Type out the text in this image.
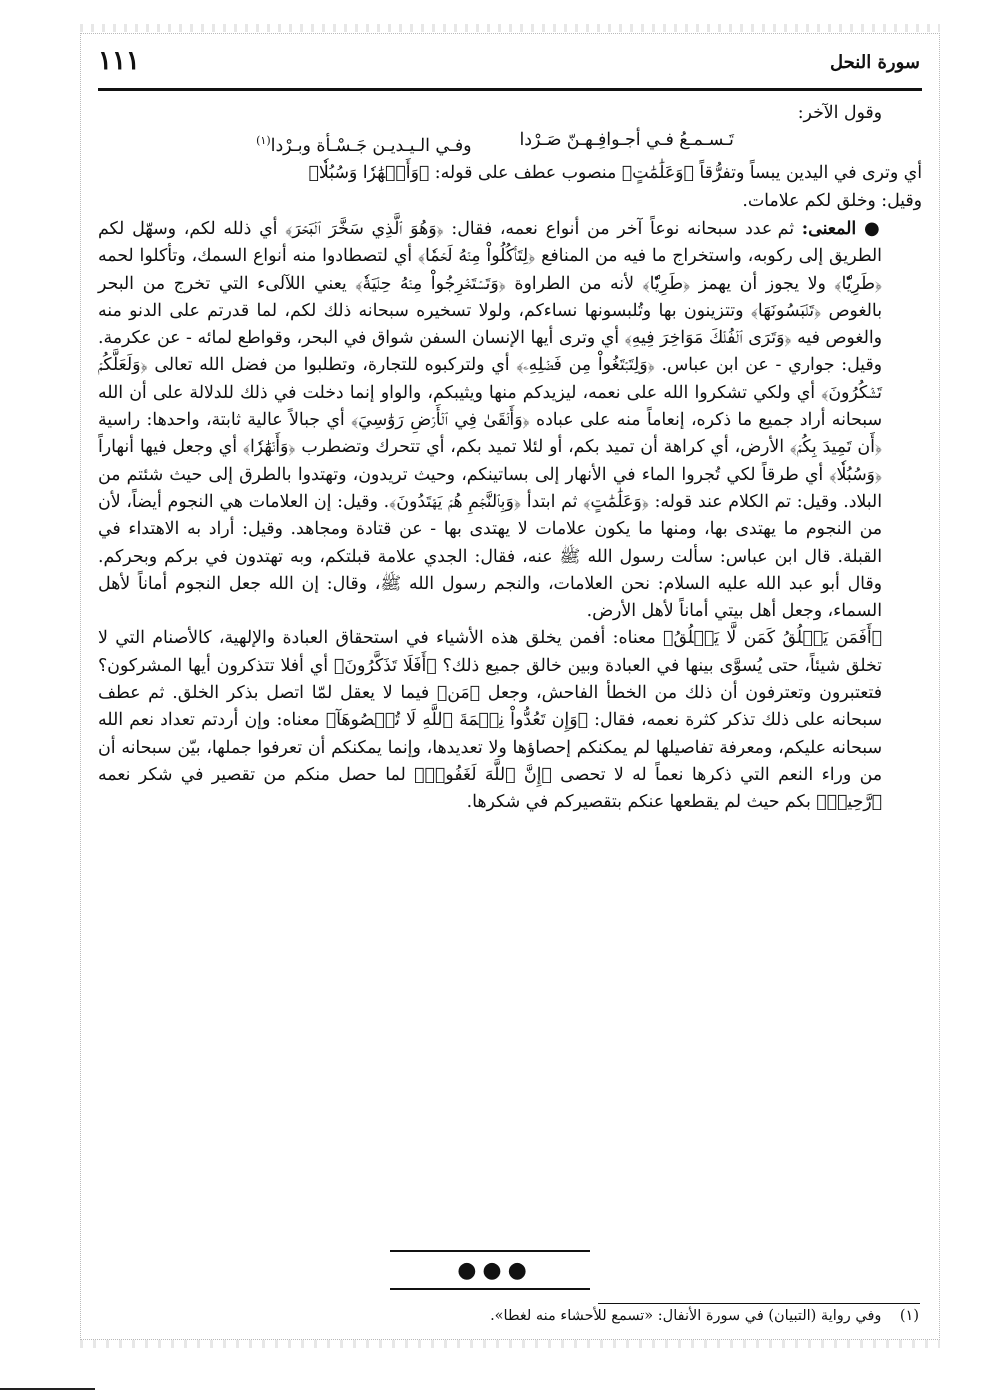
١١١	سورة النحل

وقول الآخر:

تَـسـمـعُ فـي أجـوافِـهـنّ صَـرْدا
وفـي الـيـديـن جَـسْـأة وبـرْدا$^{(١)}$

أي وترى في اليدين يبساً وتفرُّقاً ﴿وَعَلَٰمَٰتٍ﴾ منصوب عطف على قوله: ﴿وَأَنۡهَٰرٗا وَسُبُلٗا﴾

وقيل: وخلق لكم علامات.

● المعنى: ثم عدد سبحانه نوعاً آخر من أنواع نعمه، فقال: ﴿وَهُوَ ٱلَّذِي سَخَّرَ ٱلۡبَحۡرَ﴾ أي ذلله لكم، وسهّل لكم الطريق إلى ركوبه، واستخراج ما فيه من المنافع ﴿لِتَأۡكُلُواْ مِنۡهُ لَحۡمٗا﴾ أي لتصطادوا منه أنواع السمك، وتأكلوا لحمه ﴿طَرِيّٗا﴾ ولا يجوز أن يهمز ﴿طَرِيّٗا﴾ لأنه من الطراوة ﴿وَتَسۡتَخۡرِجُواْ مِنۡهُ حِلۡيَةٗ﴾ يعني اللآلىء التي تخرج من البحر بالغوص ﴿تَلۡبَسُونَهَا﴾ وتتزينون بها وتُلبسونها نساءكم، ولولا تسخيره سبحانه ذلك لكم، لما قدرتم على الدنو منه والغوص فيه ﴿وَتَرَى ٱلۡفُلۡكَ مَوَاخِرَ فِيهِ﴾ أي وترى أيها الإنسان السفن شواق في البحر، وقواطع لمائه - عن عكرمة. وقيل: جواري - عن ابن عباس. ﴿وَلِتَبۡتَغُواْ مِن فَضۡلِهِۦ﴾ أي ولتركبوه للتجارة، وتطلبوا من فضل الله تعالى ﴿وَلَعَلَّكُمۡ تَشۡكُرُونَ﴾ أي ولكي تشكروا الله على نعمه، ليزيدكم منها ويثيبكم، والواو إنما دخلت في ذلك للدلالة على أن الله سبحانه أراد جميع ما ذكره، إنعاماً منه على عباده ﴿وَأَلۡقَىٰ فِي ٱلۡأَرۡضِ رَوَٰسِيَ﴾ أي جبالاً عالية ثابتة، واحدها: راسية ﴿أَن تَمِيدَ بِكُمۡ﴾ الأرض، أي كراهة أن تميد بكم، أو لئلا تميد بكم، أي تتحرك وتضطرب ﴿وَأَنۡهَٰرٗا﴾ أي وجعل فيها أنهاراً ﴿وَسُبُلٗا﴾ أي طرقاً لكي تُجروا الماء في الأنهار إلى بساتينكم، وحيث تريدون، وتهتدوا بالطرق إلى حيث شئتم من البلاد. وقيل: تم الكلام عند قوله: ﴿وَعَلَٰمَٰتٍ﴾ ثم ابتدأ ﴿وَبِٱلنَّجۡمِ هُمۡ يَهۡتَدُونَ﴾. وقيل: إن العلامات هي النجوم أيضاً، لأن من النجوم ما يهتدى بها، ومنها ما يكون علامات لا يهتدى بها - عن قتادة ومجاهد. وقيل: أراد به الاهتداء في القبلة. قال ابن عباس: سألت رسول الله ﷺ عنه، فقال: الجدي علامة قبلتكم، وبه تهتدون في بركم وبحركم. وقال أبو عبد الله عليه السلام: نحن العلامات، والنجم رسول الله ﷺ، وقال: إن الله جعل النجوم أماناً لأهل السماء، وجعل أهل بيتي أماناً لأهل الأرض.

﴿أَفَمَن يَخۡلُقُ كَمَن لَّا يَخۡلُقُ﴾ معناه: أفمن يخلق هذه الأشياء في استحقاق العبادة والإلهية، كالأصنام التي لا تخلق شيئاً، حتى يُسوَّى بينها في العبادة وبين خالق جميع ذلك؟ ﴿أَفَلَا تَذَكَّرُونَ﴾ أي أفلا تتذكرون أيها المشركون؟ فتعتبرون وتعترفون أن ذلك من الخطأ الفاحش، وجعل ﴿مَن﴾ فيما لا يعقل لمّا اتصل بذكر الخلق. ثم عطف سبحانه على ذلك تذكر كثرة نعمه، فقال: ﴿وَإِن تَعُدُّواْ نِعۡمَةَ ٱللَّهِ لَا تُحۡصُوهَآ﴾ معناه: وإن أردتم تعداد نعم الله سبحانه عليكم، ومعرفة تفاصيلها لم يمكنكم إحصاؤها ولا تعديدها، وإنما يمكنكم أن تعرفوا جملها، بيّن سبحانه أن من وراء النعم التي ذكرها نعماً له لا تحصى ﴿إِنَّ ٱللَّهَ لَغَفُورٞ﴾ لما حصل منكم من تقصير في شكر نعمه ﴿رَّحِيمٞ﴾ بكم حيث لم يقطعها عنكم بتقصيركم في شكرها.

●●●
(١)    وفي رواية (التبيان) في سورة الأنفال: «تسمع للأحشاء منه لغطا».
